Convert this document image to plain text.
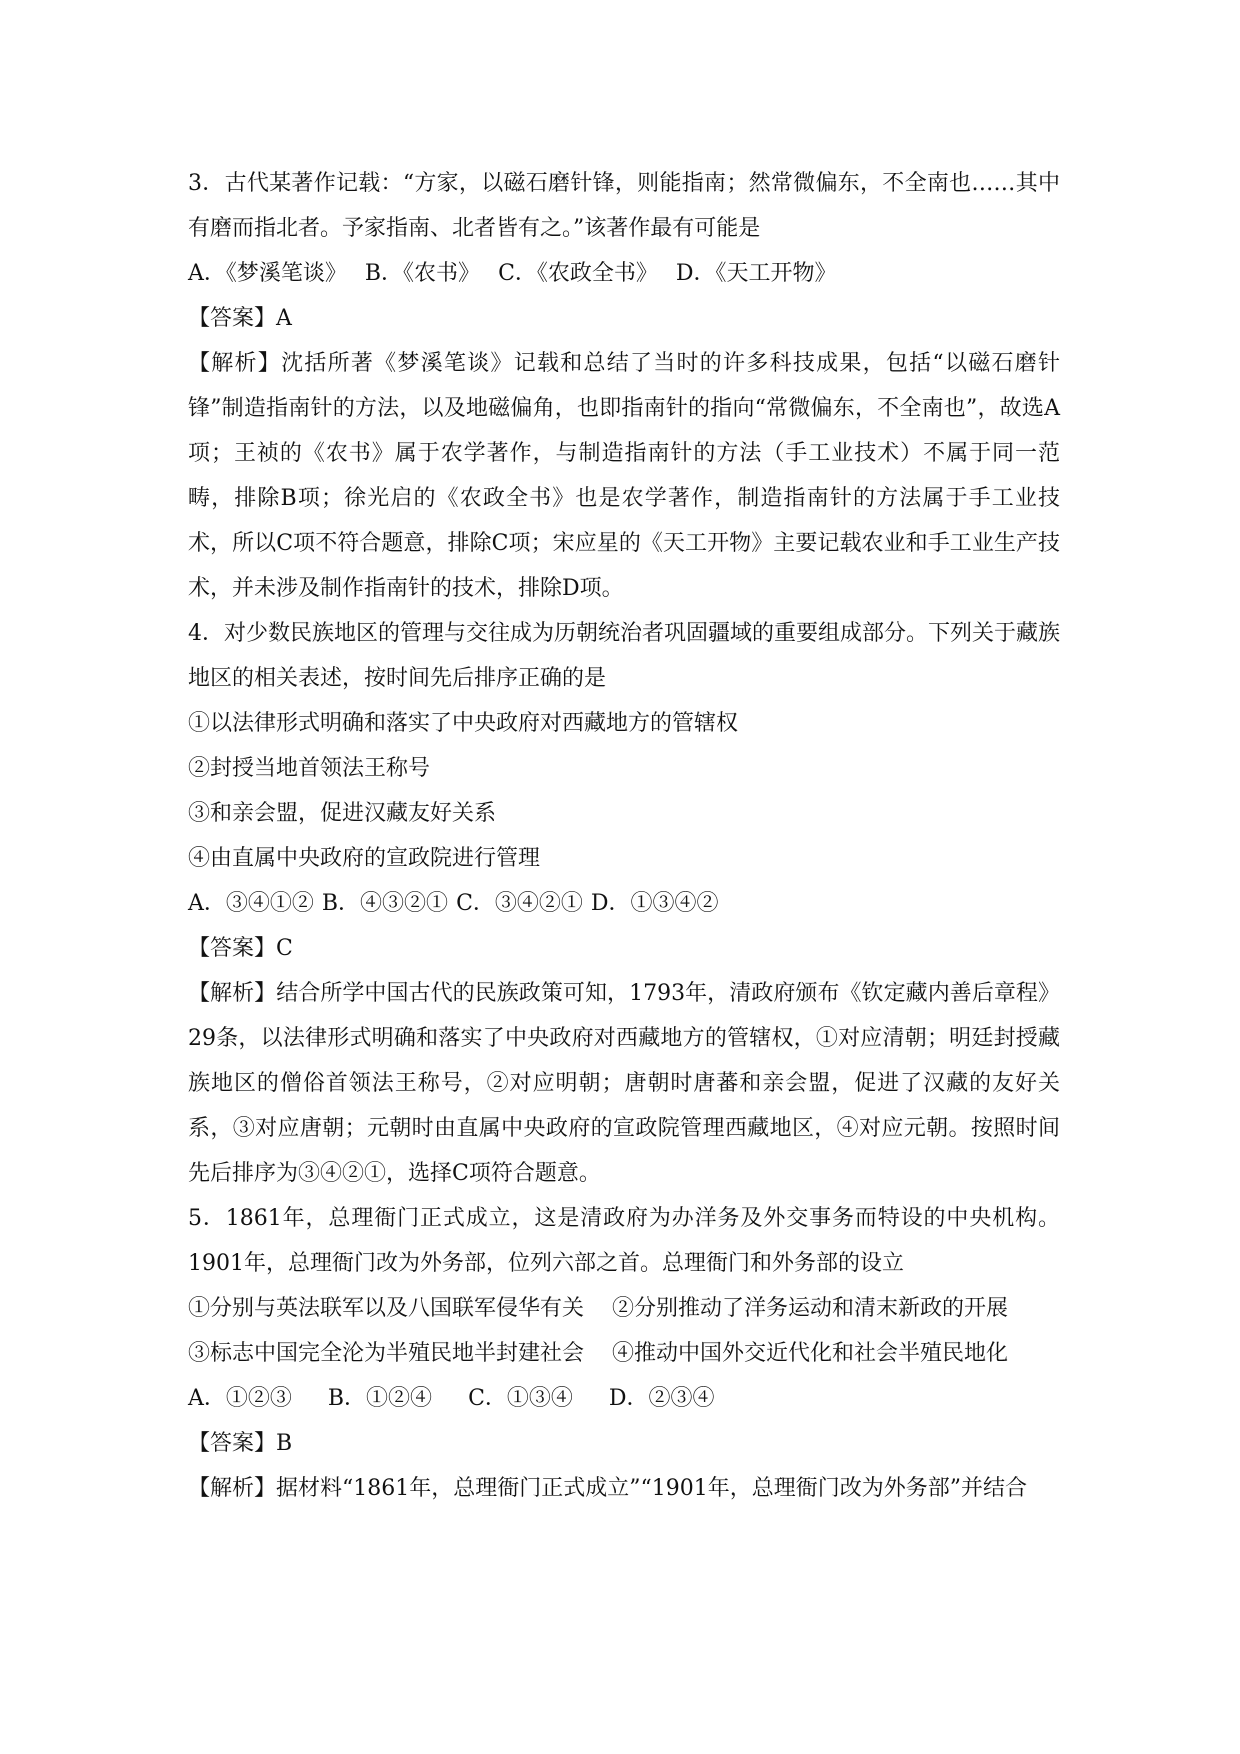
3．古代某著作记载：“方家，以磁石磨针锋，则能指南；然常微偏东，不全南也……其中有磨而指北者。予家指南、北者皆有之。”该著作最有可能是

A．《梦溪笔谈》 B．《农书》 C．《农政全书》 D．《天工开物》

【答案】A

【解析】沈括所著《梦溪笔谈》记载和总结了当时的许多科技成果，包括“以磁石磨针锋”制造指南针的方法，以及地磁偏角，也即指南针的指向“常微偏东，不全南也”，故选A项；王祯的《农书》属于农学著作，与制造指南针的方法（手工业技术）不属于同一范畴，排除B项；徐光启的《农政全书》也是农学著作，制造指南针的方法属于手工业技术，所以C项不符合题意，排除C项；宋应星的《天工开物》主要记载农业和手工业生产技术，并未涉及制作指南针的技术，排除D项。

4．对少数民族地区的管理与交往成为历朝统治者巩固疆域的重要组成部分。下列关于藏族地区的相关表述，按时间先后排序正确的是

①以法律形式明确和落实了中央政府对西藏地方的管辖权

②封授当地首领法王称号

③和亲会盟，促进汉藏友好关系

④由直属中央政府的宣政院进行管理

A．③④①② B．④③②① C．③④②① D．①③④②

【答案】C

【解析】结合所学中国古代的民族政策可知，1793年，清政府颁布《钦定藏内善后章程》29条，以法律形式明确和落实了中央政府对西藏地方的管辖权，①对应清朝；明廷封授藏族地区的僧俗首领法王称号，②对应明朝；唐朝时唐蕃和亲会盟，促进了汉藏的友好关系，③对应唐朝；元朝时由直属中央政府的宣政院管理西藏地区，④对应元朝。按照时间先后排序为③④②①，选择C项符合题意。

5．1861年，总理衙门正式成立，这是清政府为办洋务及外交事务而特设的中央机构。1901年，总理衙门改为外务部，位列六部之首。总理衙门和外务部的设立

①分别与英法联军以及八国联军侵华有关	②分别推动了洋务运动和清末新政的开展
③标志中国完全沦为半殖民地半封建社会	④推动中国外交近代化和社会半殖民地化
A．①②③ B．①②④ C．①③④ D．②③④

【答案】B

【解析】据材料“1861年，总理衙门正式成立”“1901年，总理衙门改为外务部”并结合
